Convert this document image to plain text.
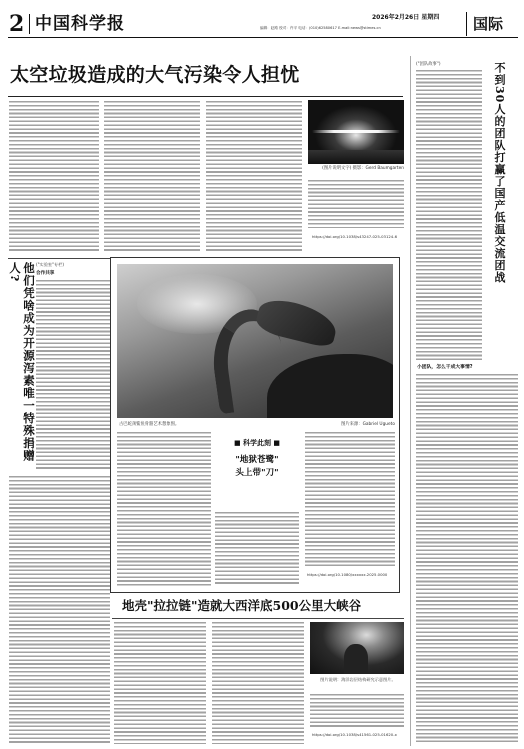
2 中国科学报	2026年2月26日 星期四
编辑：赵路 校对：许平 电话：(010)62580617 E-mail:news@stimes.cn	国际
太空垃圾造成的大气污染令人担忧
(图片说明文字) 摄影：Gerd Baumgarten
https://doi.org/10.1038/s43247-025-03124-6
("团队故事")	不到30人的团队打赢了国产低温交流团战
小团队，怎么干成大事情?
("实验室"专栏)
合作共享
他们凭啥成为开源泻素唯一特殊捐赠人?
古巴蛇颈鲨鱼骨骼艺术想象图。	图片来源：Gabriel Ugueto
■ 科学此刻 ■
"地狱苍鹭"
头上带"刀"
https://doi.org/10.1080/xxxxxx.2025.0000
地壳"拉拉链"造就大西洋底500公里大峡谷
图片说明：海洋岩层结构研究示意图片。
https://doi.org/10.1038/s41561-025-01620-x
